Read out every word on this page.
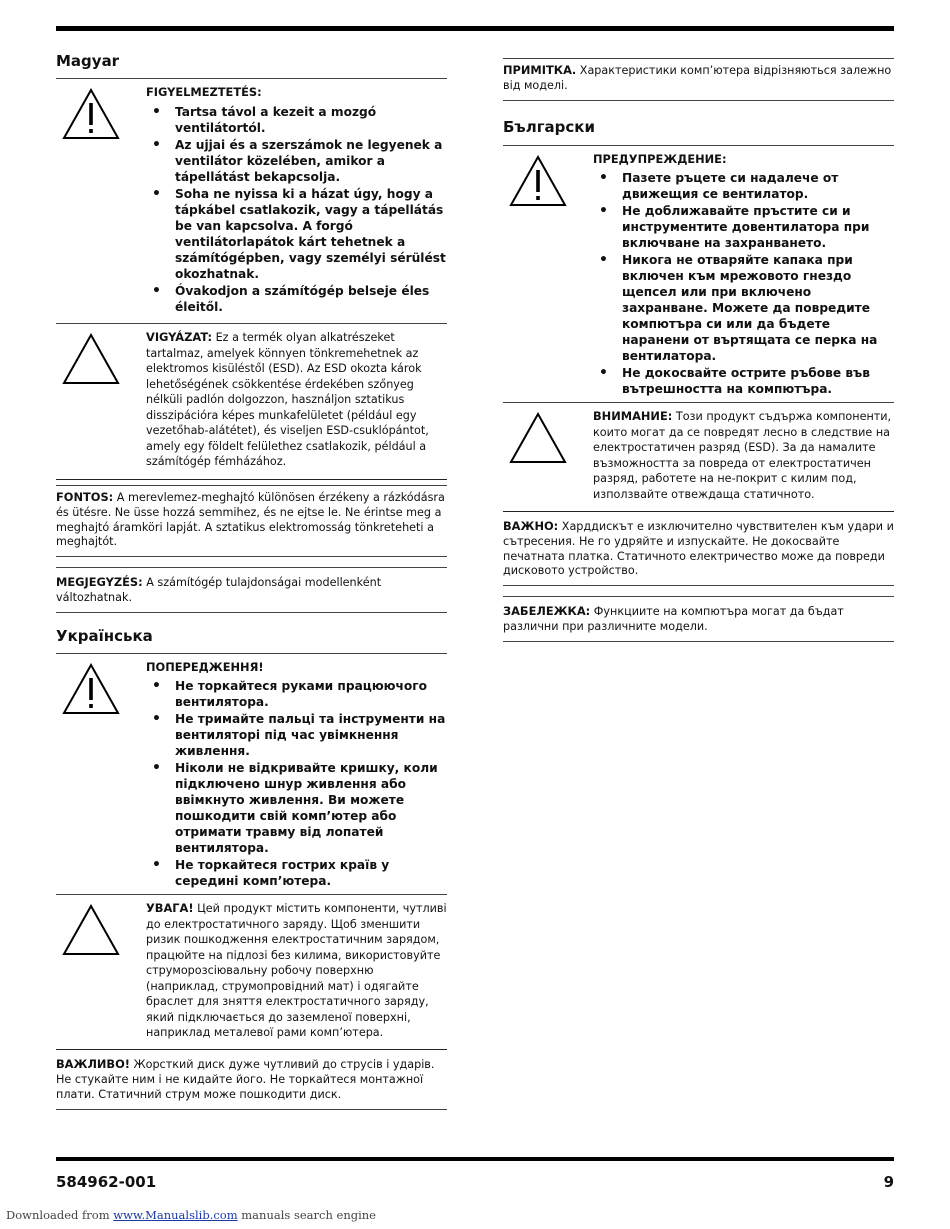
Magyar
FIGYELMEZTETÉS:
• Tartsa távol a kezeit a mozgó ventilátortól.
• Az ujjai és a szerszámok ne legyenek a ventilátor közelében, amikor a tápellátást bekapcsolja.
• Soha ne nyissa ki a házat úgy, hogy a tápkábel csatlakozik, vagy a tápellátás be van kapcsolva. A forgó ventilátorlapátok kárt tehetnek a számítógépben, vagy személyi sérülést okozhatnak.
• Óvakodjon a számítógép belseje éles éleitől.
VIGYÁZAT: Ez a termék olyan alkatrészeket tartalmaz, amelyek könnyen tönkremehetnek az elektromos kisüléstől (ESD). Az ESD okozta károk lehetőségének csökkentése érdekében szőnyeg nélküli padlón dolgozzon, használjon sztatikus disszipációra képes munkafelületet (például egy vezetőhab-alátétet), és viseljen ESD-csuklópántot, amely egy földelt felülethez csatlakozik, például a számítógép fémházához.
FONTOS: A merevlemez-meghajtó különösen érzékeny a rázkódásra és ütésre. Ne üsse hozzá semmihez, és ne ejtse le. Ne érintse meg a meghajtó áramköri lapját. A sztatikus elektromosság tönkreteheti a meghajtót.
MEGJEGYZÉS: A számítógép tulajdonságai modellenként változhatnak.
Українська
ПОПЕРЕДЖЕННЯ!
• Не торкайтеся руками працюючого вентилятора.
• Не тримайте пальці та інструменти на вентиляторі під час увімкнення живлення.
• Ніколи не відкривайте кришку, коли підключено шнур живлення або ввімкнуто живлення. Ви можете пошкодити свій комп’ютер або отримати травму від лопатей вентилятора.
• Не торкайтеся гострих країв у середині комп’ютера.
УВАГА! Цей продукт містить компоненти, чутливі до електростатичного заряду. Щоб зменшити ризик пошкодження електростатичним зарядом, працюйте на підлозі без килима, використовуйте струморозсіювальну робочу поверхню (наприклад, струмопровідний мат) і одягайте браслет для зняття електростатичного заряду, який підключається до заземленої поверхні, наприклад металевої рами комп’ютера.
ВАЖЛИВО! Жорсткий диск дуже чутливий до струсів і ударів. Не стукайте ним і не кидайте його. Не торкайтеся монтажної плати. Статичний струм може пошкодити диск.
ПРИМІТКА. Характеристики комп’ютера відрізняються залежно від моделі.
Български
ПРЕДУПРЕЖДЕНИЕ:
• Пазете ръцете си надалече от движещия се вентилатор.
• Не доближавайте пръстите си и инструментите довентилатора при включване на захранването.
• Никога не отваряйте капака при включен към мрежовото гнездо щепсел или при включено захранване. Можете да повредите компютъра си или да бъдете наранени от въртящата се перка на вентилатора.
• Не докосвайте острите ръбове във вътрешността на компютъра.
ВНИМАНИЕ: Този продукт съдържа компоненти, които могат да се повредят лесно в следствие на електростатичен разряд (ESD). За да намалите възможността за повреда от електростатичен разряд, работете на не-покрит с килим под, използвайте отвеждаща статичното.
ВАЖНО: Харддискът е изключително чувствителен към удари и сътресения. Не го удряйте и изпускайте. Не докосвайте печатната платка. Статичното електричество може да повреди дисковото устройство.
ЗАБЕЛЕЖКА: Функциите на компютъра могат да бъдат различни при различните модели.
584962-001	9
Downloaded from www.Manualslib.com manuals search engine
